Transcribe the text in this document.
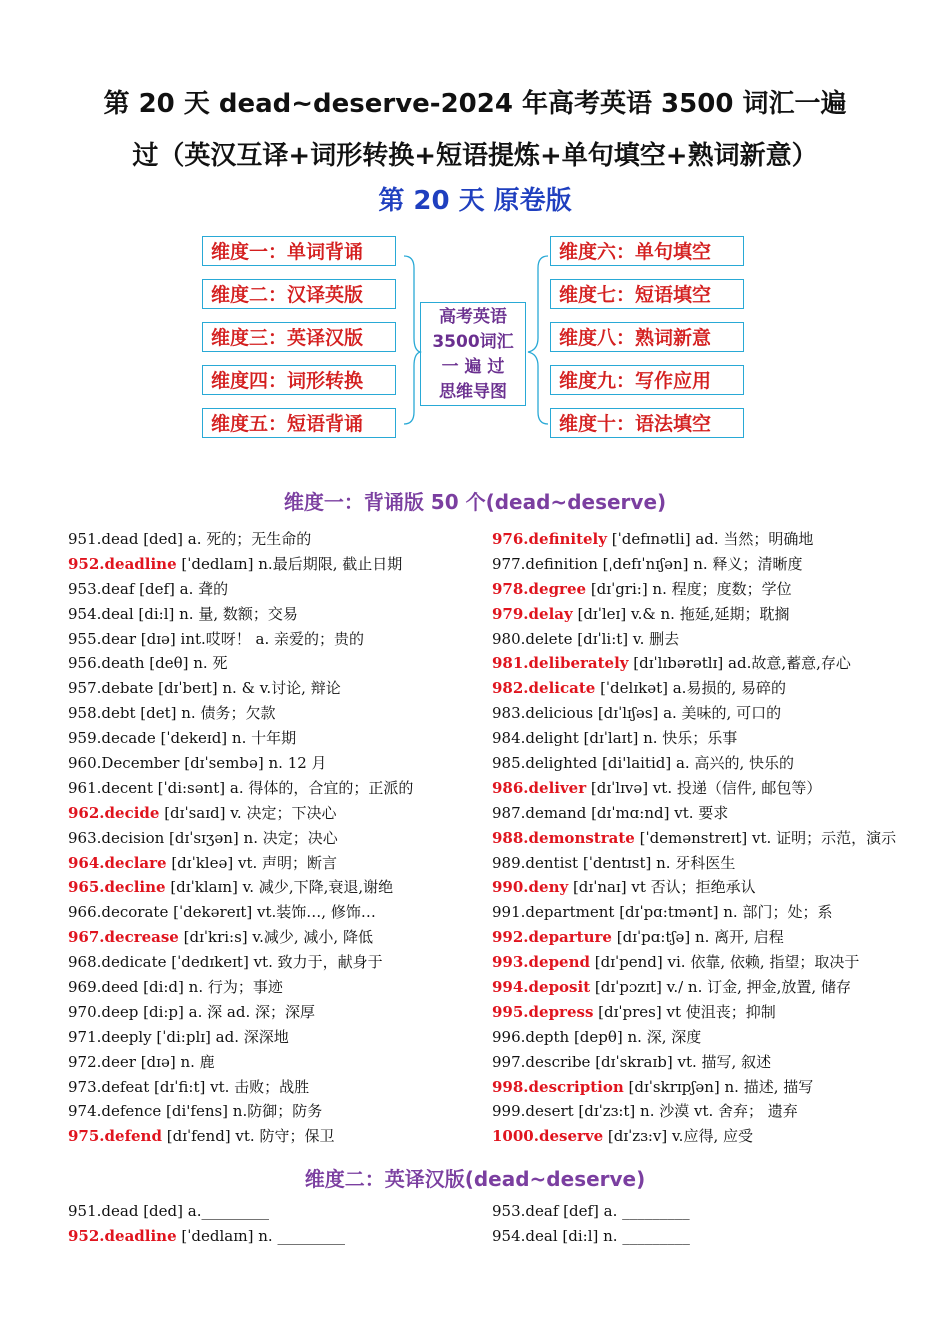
第 20 天 dead~deserve-2024 年高考英语 3500 词汇一遍
过（英汉互译+词形转换+短语提炼+单句填空+熟词新意）
第 20 天 原卷版
维度一：单词背诵
维度二：汉译英版
维度三：英译汉版
维度四：词形转换
维度五：短语背诵
高考英语
3500词汇
一 遍 过
思维导图
维度六：单句填空
维度七：短语填空
维度八：熟词新意
维度九：写作应用
维度十：语法填空
维度一：背诵版 50 个(dead~deserve)
951.dead [ded] a. 死的；无生命的
952.deadline [ˈdedlaɪn] n.最后期限, 截止日期
953.deaf [def] a. 聋的
954.deal [di:l] n. 量, 数额；交易
955.dear [dɪə] int.哎呀！ a. 亲爱的；贵的
956.death [deθ] n. 死
957.debate [dɪˈbeɪt] n. & v.讨论, 辩论
958.debt [det] n. 债务；欠款
959.decade [ˈdekeɪd] n. 十年期
960.December [dɪˈsembə] n. 12 月
961.decent [ˈdi:sənt] a. 得体的，合宜的；正派的
962.decide [dɪˈsaɪd] v. 决定；下决心
963.decision [dɪˈsɪʒən] n. 决定；决心
964.declare [dɪˈkleə] vt. 声明；断言
965.decline [dɪˈklaɪn] v. 减少,下降,衰退,谢绝
966.decorate [ˈdekəreɪt] vt.装饰…, 修饰…
967.decrease [dɪˈkri:s] v.减少, 减小, 降低
968.dedicate [ˈdedɪkeɪt] vt. 致力于，献身于
969.deed [di:d] n. 行为；事迹
970.deep [di:p] a. 深 ad. 深；深厚
971.deeply [ˈdi:plɪ] ad. 深深地
972.deer [dɪə] n. 鹿
973.defeat [dɪˈfi:t] vt. 击败；战胜
974.defence [di'fens] n.防御；防务
975.defend [dɪˈfend] vt. 防守；保卫
976.definitely [ˈdefɪnətli] ad. 当然；明确地
977.definition [ˌdefɪˈnɪʃən] n. 释义；清晰度
978.degree [dɪˈgri:] n. 程度；度数；学位
979.delay [dɪˈleɪ] v.& n. 拖延,延期；耽搁
980.delete [dɪˈli:t] v. 删去
981.deliberately [dɪˈlɪbərətlɪ] ad.故意,蓄意,存心
982.delicate [ˈdelɪkət] a.易损的, 易碎的
983.delicious [dɪˈlɪʃəs] a. 美味的, 可口的
984.delight [dɪˈlaɪt] n. 快乐；乐事
985.delighted [di'laitid] a. 高兴的, 快乐的
986.deliver [dɪˈlɪvə] vt. 投递（信件, 邮包等）
987.demand [dɪˈmɑ:nd] vt. 要求
988.demonstrate [ˈdemənstreɪt] vt. 证明；示范，演示
989.dentist [ˈdentɪst] n. 牙科医生
990.deny [dɪˈnaɪ] vt 否认；拒绝承认
991.department [dɪˈpɑ:tmənt] n. 部门；处；系
992.departure [dɪˈpɑ:tʃə] n. 离开, 启程
993.depend [dɪˈpend] vi. 依靠, 依赖, 指望；取决于
994.deposit [dɪˈpɔzɪt] v./ n. 订金, 押金,放置, 储存
995.depress [dɪˈpres] vt 使沮丧；抑制
996.depth [depθ] n. 深, 深度
997.describe [dɪˈskraɪb] vt. 描写, 叙述
998.description [dɪˈskrɪpʃən] n. 描述, 描写
999.desert [dɪˈzɜ:t] n. 沙漠 vt. 舍弃； 遗弃
1000.deserve [dɪˈzɜ:v] v.应得, 应受
维度二：英译汉版(dead~deserve)
951.dead [ded] a._________
952.deadline [ˈdedlaɪn] n. _________
953.deaf [def] a. _________
954.deal [di:l] n. _________
